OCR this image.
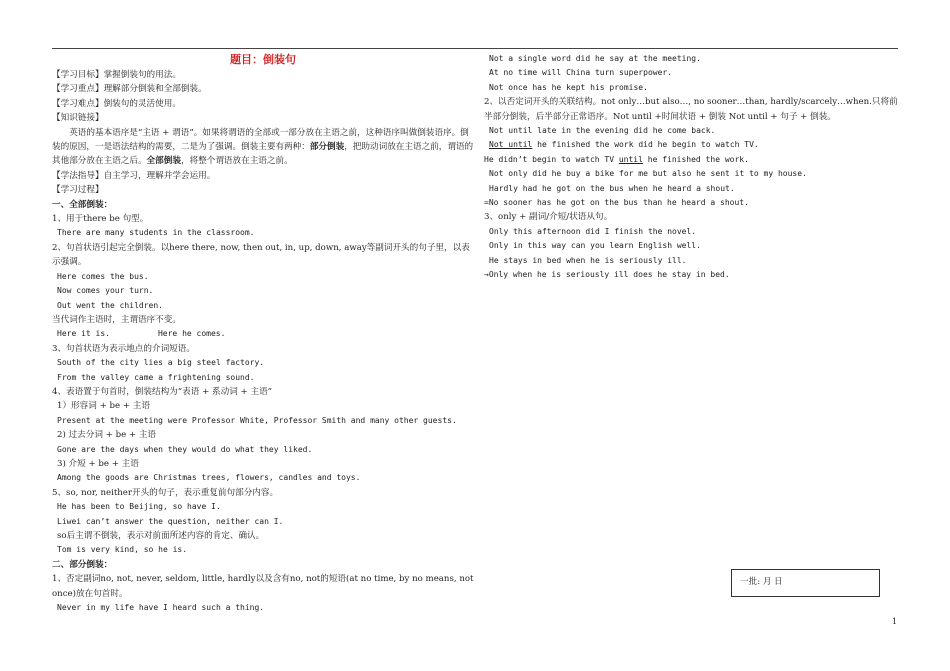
题目：倒装句
【学习目标】掌握倒装句的用法。
【学习重点】理解部分倒装和全部倒装。
【学习难点】倒装句的灵活使用。
【知识链接】
英语的基本语序是“主语 + 谓语”。如果将谓语的全部或一部分放在主语之前，这种语序叫做倒装语序。倒装的原因，一是语法结构的需要，二是为了强调。倒装主要有两种：部分倒装，把助动词放在主语之前，谓语的其他部分放在主语之后。全部倒装，将整个谓语放在主语之前。
【学法指导】自主学习，理解并学会运用。
【学习过程】
一、全部倒装：
1、用于there be 句型。
There are many students in the classroom.
2、句首状语引起完全倒装。以here there, now, then out, in, up, down, away等副词开头的句子里，以表示强调。
Here comes the bus.
Now comes your turn.
Out went the children.
当代词作主语时，主谓语序不变。
Here it is.	Here he comes.
3、句首状语为表示地点的介词短语。
South of the city lies a big steel factory.
From the valley came a frightening sound.
4、表语置于句首时，倒装结构为“表语 + 系动词 + 主语”
1）形容词 + be + 主语
Present at the meeting were Professor White, Professor Smith and many other guests.
2) 过去分词 + be + 主语
Gone are the days when they would do what they liked.
3) 介短 + be + 主语
Among the goods are Christmas trees, flowers, candles and toys.
5、so, nor, neither开头的句子，表示重复前句部分内容。
He has been to Beijing, so have I.
Liwei can’t answer the question, neither can I.
so后主谓不倒装，表示对前面所述内容的肯定、确认。
Tom is very kind, so he is.
二、部分倒装：
1、否定副词no, not, never, seldom, little, hardly以及含有no, not的短语(at no time, by no means, not once)放在句首时。
Never in my life have I heard such a thing.
Not a single word did he say at the meeting.
At no time will China turn superpower.
Not once has he kept his promise.
2、以否定词开头的关联结构。not only…but also…, no sooner…than, hardly/scarcely…when.只将前半部分倒装，后半部分正常语序。Not until +时间状语 + 倒装 Not until + 句子 + 倒装。
Not until late in the evening did he come back.
Not until he finished the work did he begin to watch TV.
He didn’t begin to watch TV until he finished the work.
Not only did he buy a bike for me but also he sent it to my house.
Hardly had he got on the bus when he heard a shout.
=No sooner has he got on the bus than he heard a shout.
3、only + 副词/介短/状语从句。
Only this afternoon did I finish the novel.
Only in this way can you learn English well.
He stays in bed when he is seriously ill.
→Only when he is seriously ill does he stay in bed.
一批: 月 日
1
